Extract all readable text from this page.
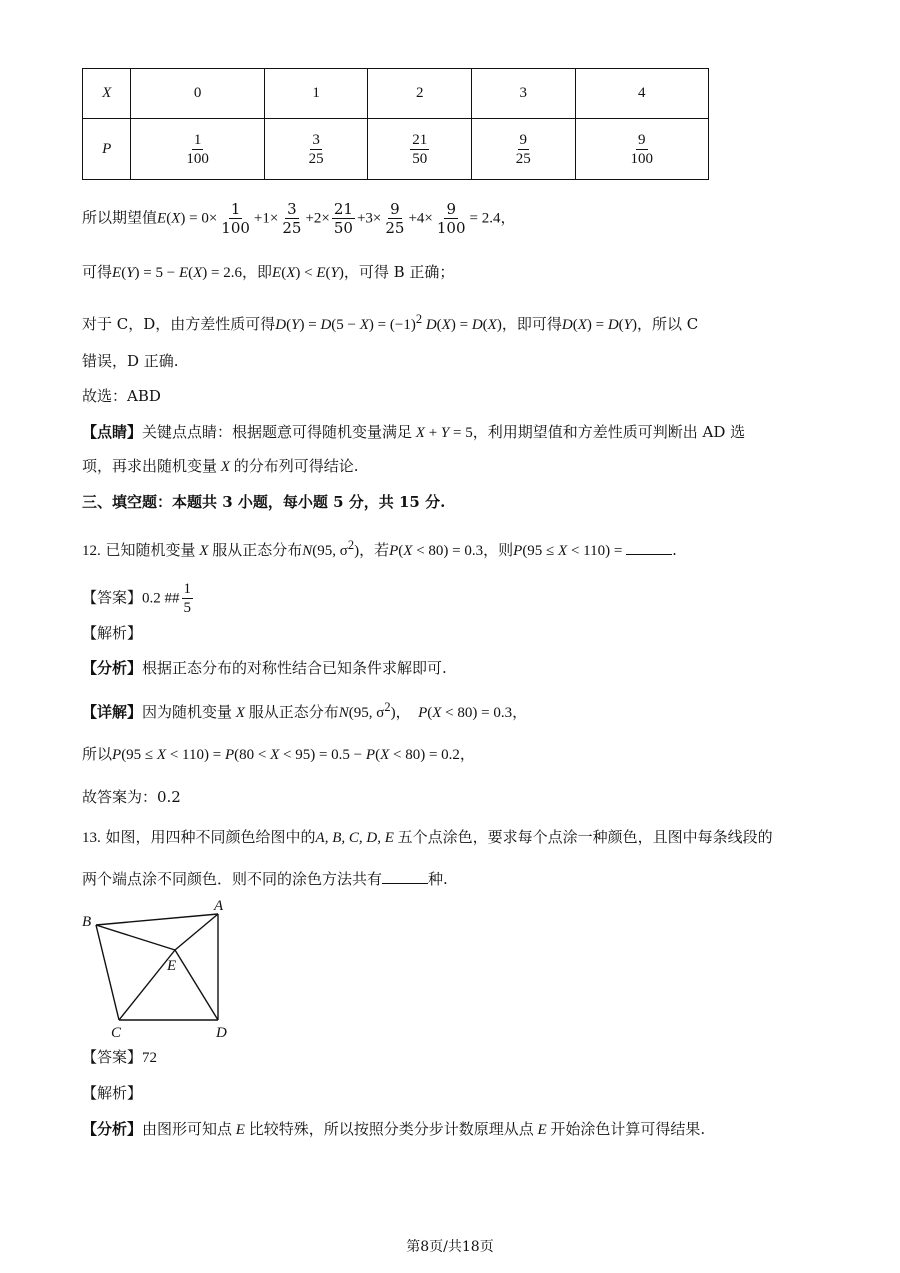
X	0	1	2	3	4
P	$\frac{1}{100}$	$\frac{3}{25}$	$\frac{21}{50}$	$\frac{9}{25}$	$\frac{9}{100}$
所以期望值$E(X) = 0\times \frac{1}{100} +1\times \frac{3}{25} +2\times \frac{21}{50} +3\times \frac{9}{25} +4\times \frac{9}{100} = 2.4$，
可得E(Y) = 5 − E(X) = 2.6，即E(X) < E(Y)，可得 B 正确；
对于 C，D，由方差性质可得$D(Y) = D(5 - X) = (-1)^2$ D(X) = D(X)，即可得D(X) = D(Y)，所以 C
错误，D 正确.
故选：ABD
【点睛】关键点点睛：根据题意可得随机变量满足 X + Y = 5，利用期望值和方差性质可判断出 AD 选
项，再求出随机变量 X 的分布列可得结论.
三、填空题：本题共 3 小题，每小题 5 分，共 15 分.
12. 已知随机变量 X 服从正态分布N(95, $\sigma^2$)，若P(X < 80) = 0.3，则P(95 ≤ X < 110) =	.
【答案】0.2 ## $\frac{1}{5}$
【解析】
【分析】根据正态分布的对称性结合已知条件求解即可.
【详解】因为随机变量 X 服从正态分布N(95, $\sigma^2$)，  P(X < 80) = 0.3，
所以P(95 ≤ X < 110) = P(80 < X < 95) = 0.5 − P(X < 80) = 0.2，
故答案为：0.2
13. 如图，用四种不同颜色给图中的A, B, C, D, E 五个点涂色，要求每个点涂一种颜色，且图中每条线段的
两个端点涂不同颜色．则不同的涂色方法共有	种.
B
A
E
C	D
【答案】72
【解析】
【分析】由图形可知点 E 比较特殊，所以按照分类分步计数原理从点 E 开始涂色计算可得结果.
第8页/共18页
